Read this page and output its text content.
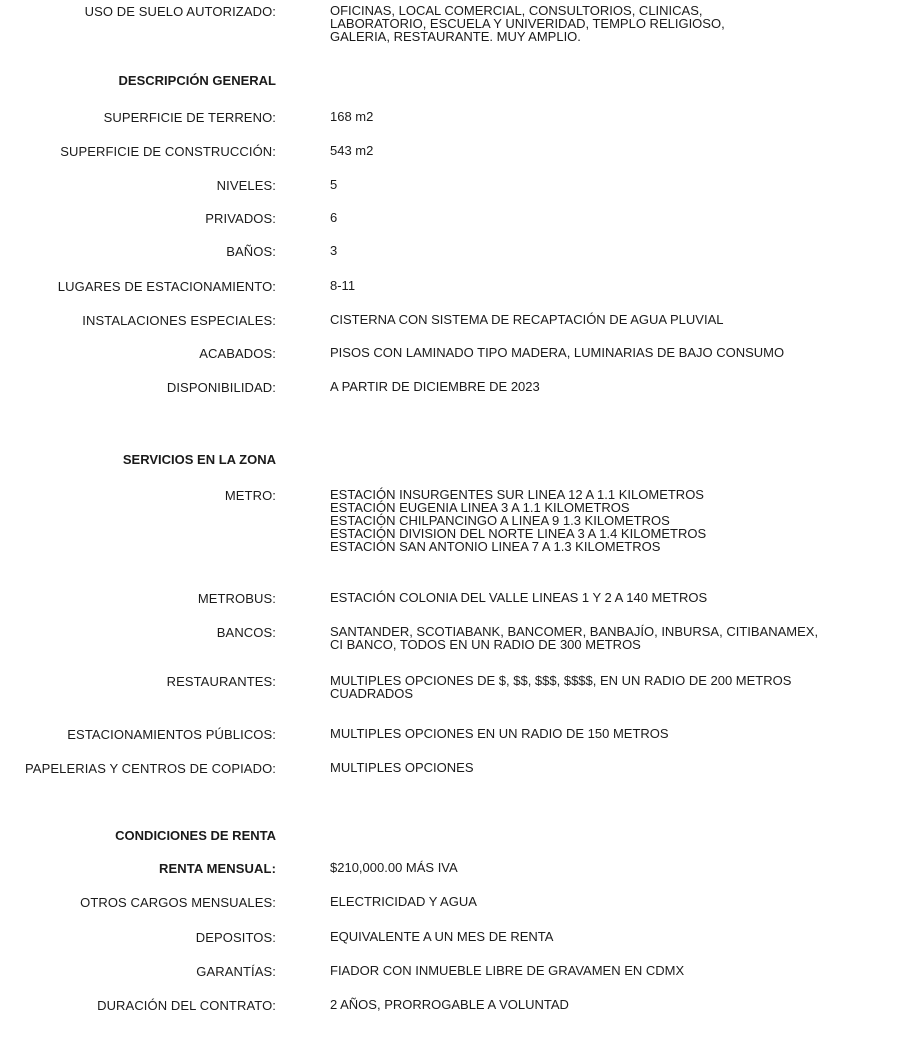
USO DE SUELO AUTORIZADO:	OFICINAS, LOCAL COMERCIAL, CONSULTORIOS, CLINICAS,
LABORATORIO, ESCUELA Y UNIVERIDAD, TEMPLO RELIGIOSO,
GALERIA, RESTAURANTE. MUY AMPLIO.
DESCRIPCIÓN GENERAL
SUPERFICIE DE TERRENO:	168 m2
SUPERFICIE DE CONSTRUCCIÓN:	543 m2
NIVELES:	5
PRIVADOS:	6
BAÑOS:	3
LUGARES DE ESTACIONAMIENTO:	8-11
INSTALACIONES ESPECIALES:	CISTERNA CON SISTEMA DE RECAPTACIÓN DE AGUA PLUVIAL
ACABADOS:	PISOS CON LAMINADO TIPO MADERA, LUMINARIAS DE BAJO CONSUMO
DISPONIBILIDAD:	A PARTIR DE DICIEMBRE DE 2023
SERVICIOS EN LA ZONA
METRO:	ESTACIÓN INSURGENTES SUR LINEA 12 A 1.1 KILOMETROS
ESTACIÓN EUGENIA LINEA 3 A 1.1 KILOMETROS
ESTACIÓN CHILPANCINGO A LINEA 9 1.3 KILOMETROS
ESTACIÓN DIVISION DEL NORTE LINEA 3 A 1.4 KILOMETROS
ESTACIÓN SAN ANTONIO LINEA 7 A 1.3 KILOMETROS
METROBUS:	ESTACIÓN COLONIA DEL VALLE LINEAS 1 Y 2 A 140 METROS
BANCOS:	SANTANDER, SCOTIABANK, BANCOMER, BANBAJÍO, INBURSA, CITIBANAMEX,
CI BANCO, TODOS EN UN RADIO DE 300 METROS
RESTAURANTES:	MULTIPLES OPCIONES DE $, $$, $$$, $$$$, EN UN RADIO DE 200 METROS
CUADRADOS
ESTACIONAMIENTOS PÚBLICOS:	MULTIPLES OPCIONES EN UN RADIO DE 150 METROS
PAPELERIAS Y CENTROS DE COPIADO:	MULTIPLES OPCIONES
CONDICIONES DE RENTA
RENTA MENSUAL:	$210,000.00 MÁS IVA
OTROS CARGOS MENSUALES:	ELECTRICIDAD Y AGUA
DEPOSITOS:	EQUIVALENTE A UN MES DE RENTA
GARANTÍAS:	FIADOR CON INMUEBLE LIBRE DE GRAVAMEN EN CDMX
DURACIÓN DEL CONTRATO:	2 AÑOS, PRORROGABLE A VOLUNTAD
